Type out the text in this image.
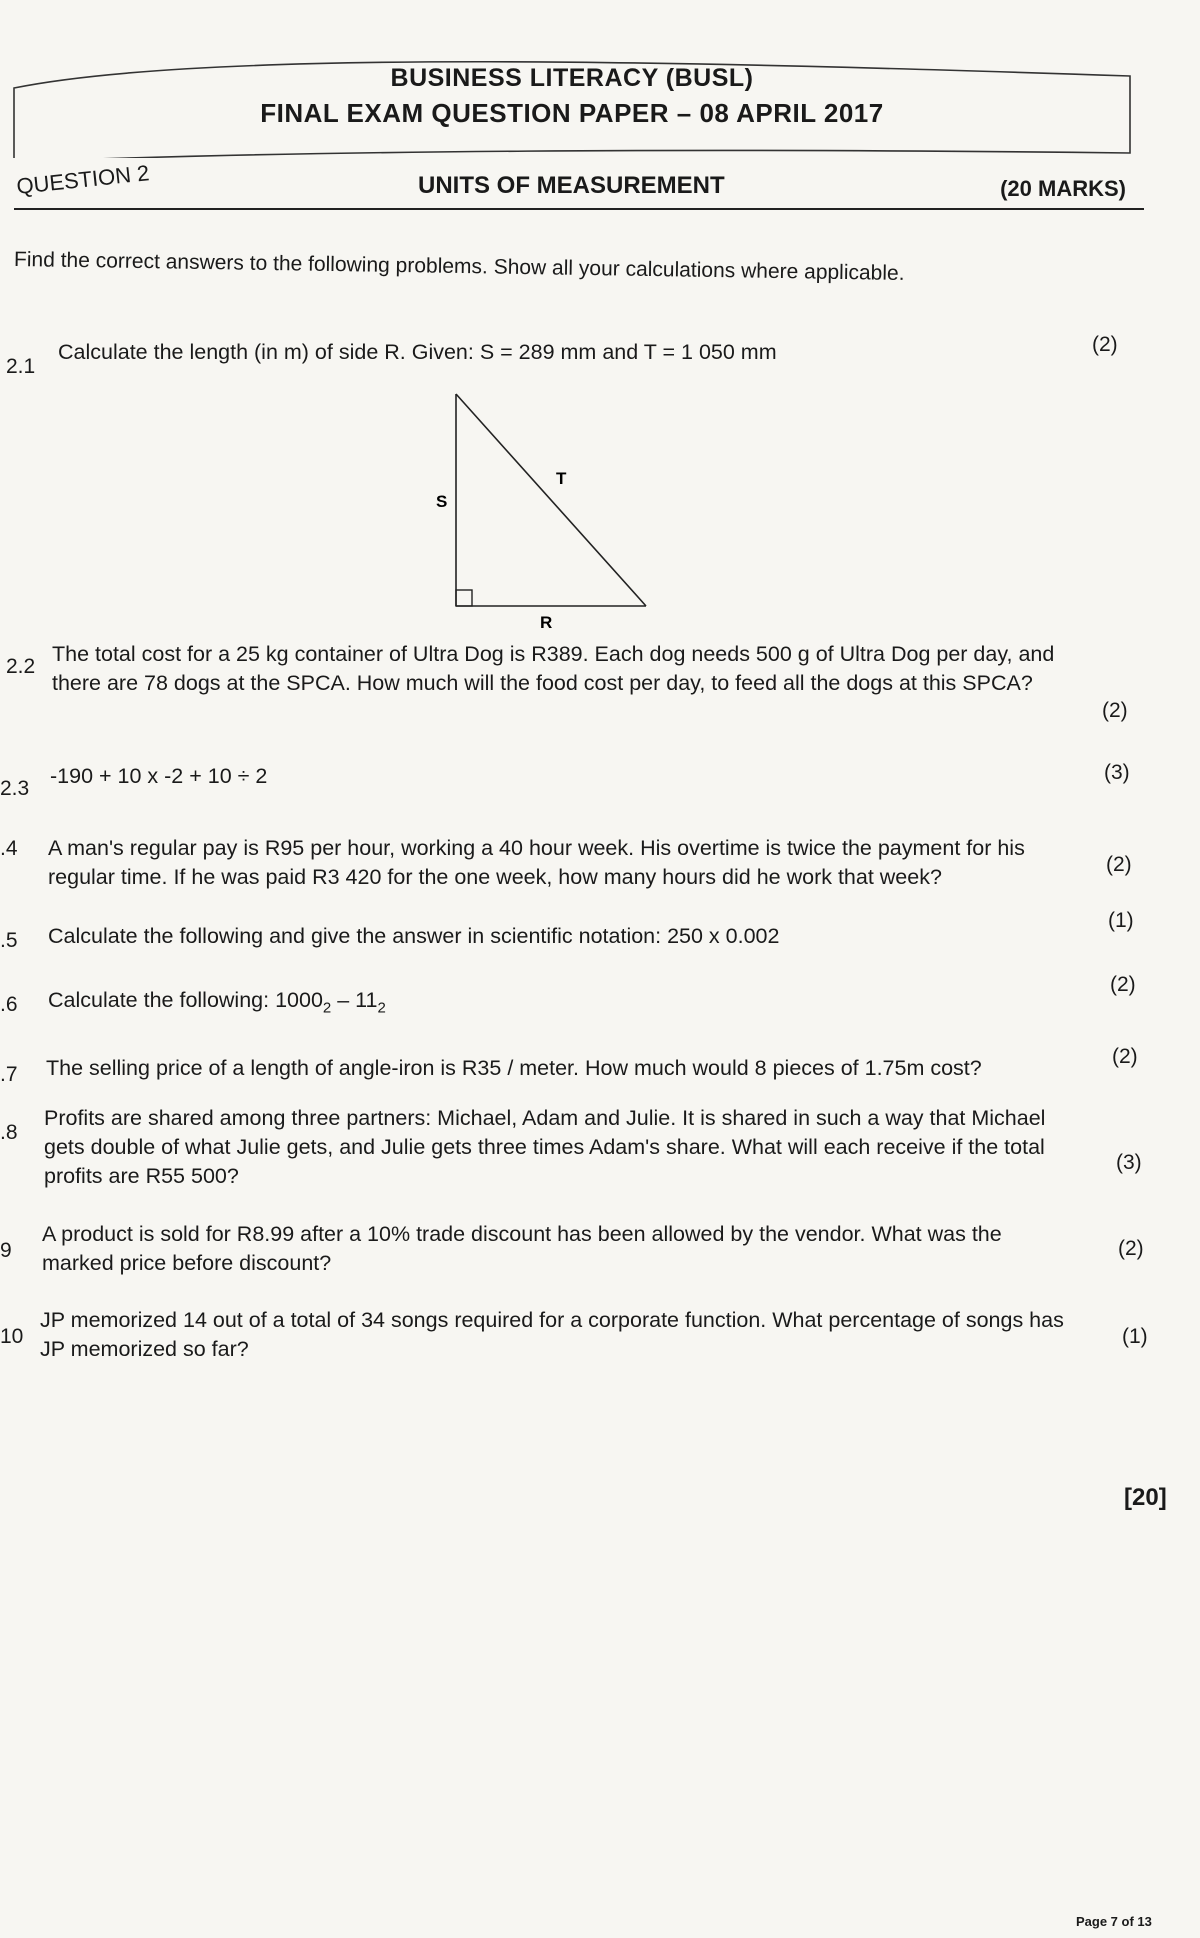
BUSINESS LITERACY (BUSL)
FINAL EXAM QUESTION PAPER – 08 APRIL 2017
QUESTION 2	UNITS OF MEASUREMENT	(20 MARKS)
Find the correct answers to the following problems. Show all your calculations where applicable.
2.1
Calculate the length (in m) of side R. Given: S = 289 mm and T = 1 050 mm	(2)
S
T
R
2.2
The total cost for a 25 kg container of Ultra Dog is R389. Each dog needs 500 g of Ultra Dog per day, and there are 78 dogs at the SPCA. How much will the food cost per day, to feed all the dogs at this SPCA?
(2)
2.3
-190 + 10 x -2 + 10 ÷ 2	(3)
.4 A man's regular pay is R95 per hour, working a 40 hour week. His overtime is twice the payment for his regular time. If he was paid R3 420 for the one week, how many hours did he work that week?
(2)
.5 Calculate the following and give the answer in scientific notation: 250 x 0.002
(1)
.6 Calculate the following: $1000_2 - 11_2$
(2)
.7 The selling price of a length of angle-iron is R35 / meter. How much would 8 pieces of 1.75m cost?	(2)
.8
Profits are shared among three partners: Michael, Adam and Julie. It is shared in such a way that Michael gets double of what Julie gets, and Julie gets three times Adam's share. What will each receive if the total profits are R55 500?
(3)
9
A product is sold for R8.99 after a 10% trade discount has been allowed by the vendor. What was the marked price before discount?
(2)
10
JP memorized 14 out of a total of 34 songs required for a corporate function. What percentage of songs has JP memorized so far?
(1)
[20]
Page 7 of 13
